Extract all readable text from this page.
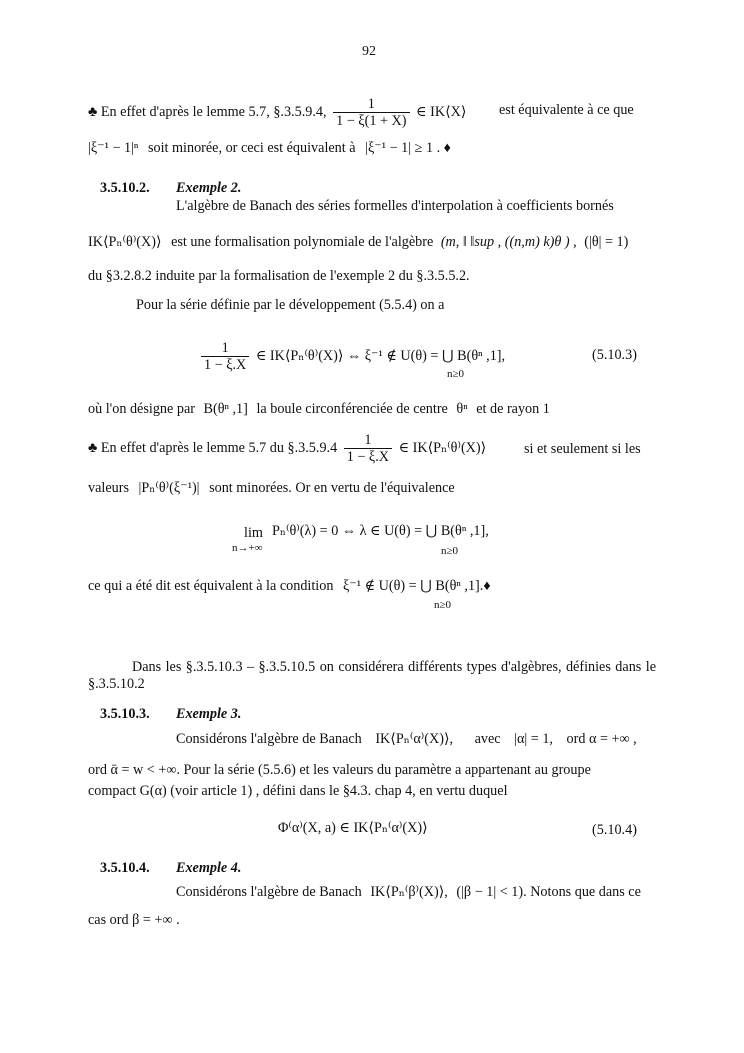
92
♣ En effet d'après le lemme 5.7, §.3.5.9.4, $\frac{1}{1 - \xi(1 + X)}$ ∈ IK⟨X⟩ est équivalente à ce que
|ξ⁻¹ − 1|ⁿ soit minorée, or ceci est équivalent à |ξ⁻¹ − 1| ≥ 1 . ♦
3.5.10.2. Exemple 2.
L'algèbre de Banach des séries formelles d'interpolation à coefficients bornés
IK⟨Pₙ⁽θ⁾(X)⟩ est une formalisation polynomiale de l'algèbre (m, ‖ ‖sup , ((n,m) k)θ ) , (|θ| = 1)
du §3.2.8.2 induite par la formalisation de l'exemple 2 du §.3.5.5.2.
Pour la série définie par le développement (5.5.4) on a
$\frac{1}{1 - \xi.X}$ ∈ IK⟨Pₙ⁽θ⁾(X)⟩ ⇔ ξ⁻¹ ∉ U(θ) = ⋃ B(θⁿ ,1],
n≥0
(5.10.3)
où l'on désigne par B(θⁿ ,1] la boule circonférenciée de centre θⁿ et de rayon 1
♣ En effet d'après le lemme 5.7 du §.3.5.9.4 $\frac{1}{1 - \xi.X}$ ∈ IK⟨Pₙ⁽θ⁾(X)⟩	si et seulement si les
valeurs |Pₙ⁽θ⁾(ξ⁻¹)| sont minorées. Or en vertu de l'équivalence
lim
n→+∞
Pₙ⁽θ⁾(λ) = 0 ⇔ λ ∈ U(θ) = ⋃ B(θⁿ ,1],
n≥0
ce qui a été dit est équivalent à la condition ξ⁻¹ ∉ U(θ) = ⋃ B(θⁿ ,1].♦
n≥0
Dans les §.3.5.10.3 – §.3.5.10.5 on considérera différents types d'algèbres, définies dans le §.3.5.10.2
3.5.10.3. Exemple 3.
Considérons l'algèbre de Banach IK⟨Pₙ⁽α⁾(X)⟩, avec |α| = 1, ord α = +∞ ,
ord ᾱ = w < +∞. Pour la série (5.5.6) et les valeurs du paramètre a appartenant au groupe
compact G(α) (voir article 1) , défini dans le §4.3. chap 4, en vertu duquel
Φ⁽α⁾(X, a) ∈ IK⟨Pₙ⁽α⁾(X)⟩	(5.10.4)
3.5.10.4. Exemple 4.
Considérons l'algèbre de Banach IK⟨Pₙ⁽β⁾(X)⟩, (|β − 1| < 1). Notons que dans ce
cas ord β = +∞ .
